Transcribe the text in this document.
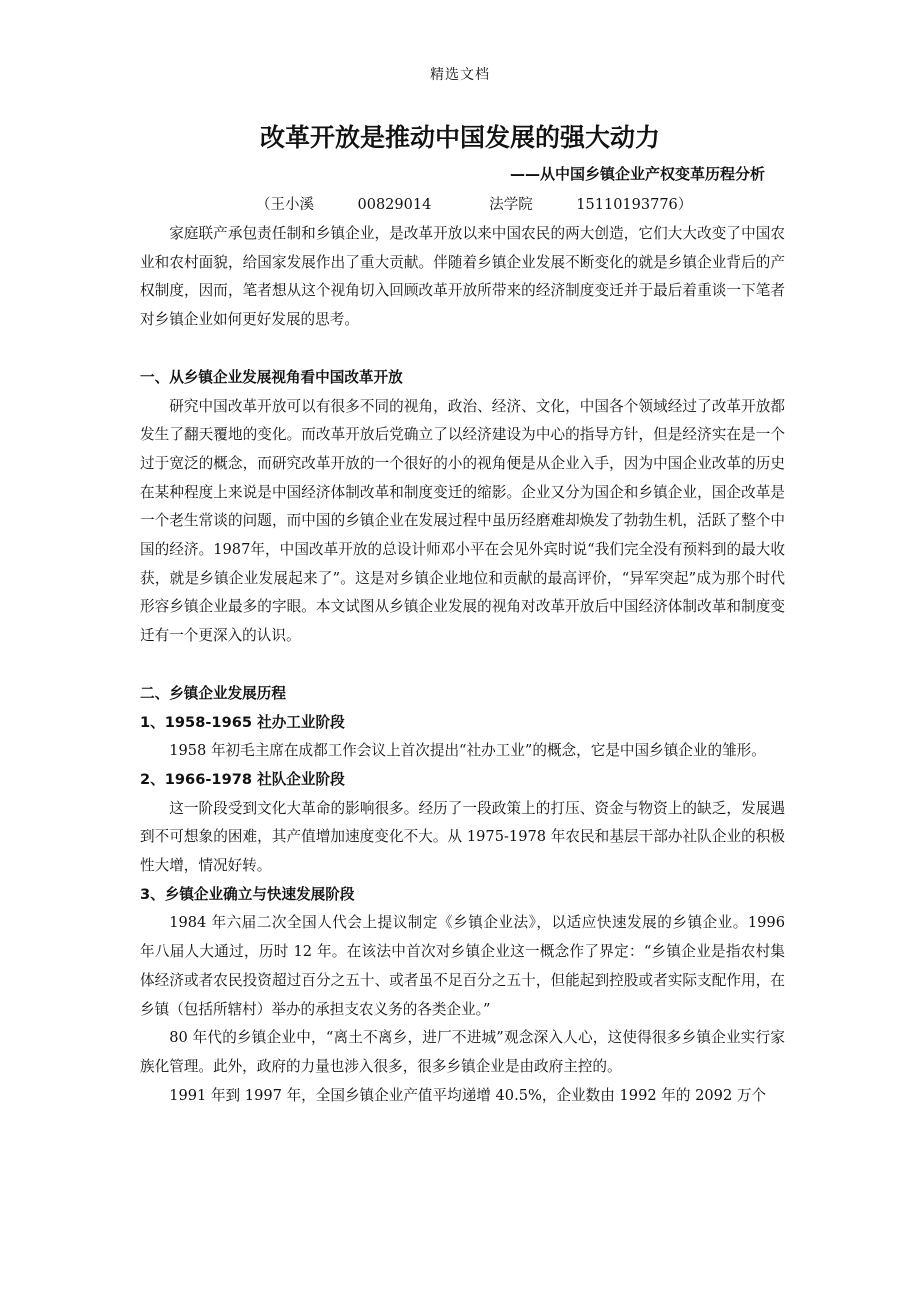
精选文档
改革开放是推动中国发展的强大动力
——从中国乡镇企业产权变革历程分析
（王小溪　　　00829014　　　　法学院　　　15110193776）

家庭联产承包责任制和乡镇企业，是改革开放以来中国农民的两大创造，它们大大改变了中国农业和农村面貌，给国家发展作出了重大贡献。伴随着乡镇企业发展不断变化的就是乡镇企业背后的产权制度，因而，笔者想从这个视角切入回顾改革开放所带来的经济制度变迁并于最后着重谈一下笔者对乡镇企业如何更好发展的思考。

一、从乡镇企业发展视角看中国改革开放

研究中国改革开放可以有很多不同的视角，政治、经济、文化，中国各个领域经过了改革开放都发生了翻天覆地的变化。而改革开放后党确立了以经济建设为中心的指导方针，但是经济实在是一个过于宽泛的概念，而研究改革开放的一个很好的小的视角便是从企业入手，因为中国企业改革的历史在某种程度上来说是中国经济体制改革和制度变迁的缩影。企业又分为国企和乡镇企业，国企改革是一个老生常谈的问题，而中国的乡镇企业在发展过程中虽历经磨难却焕发了勃勃生机，活跃了整个中国的经济。1987年，中国改革开放的总设计师邓小平在会见外宾时说“我们完全没有预料到的最大收获，就是乡镇企业发展起来了”。这是对乡镇企业地位和贡献的最高评价，“异军突起”成为那个时代形容乡镇企业最多的字眼。本文试图从乡镇企业发展的视角对改革开放后中国经济体制改革和制度变迁有一个更深入的认识。

二、乡镇企业发展历程
1、1958-1965 社办工业阶段

1958 年初毛主席在成都工作会议上首次提出“社办工业”的概念，它是中国乡镇企业的雏形。

2、1966-1978 社队企业阶段

这一阶段受到文化大革命的影响很多。经历了一段政策上的打压、资金与物资上的缺乏，发展遇到不可想象的困难，其产值增加速度变化不大。从 1975-1978 年农民和基层干部办社队企业的积极性大增，情况好转。

3、乡镇企业确立与快速发展阶段

1984 年六届二次全国人代会上提议制定《乡镇企业法》，以适应快速发展的乡镇企业。1996 年八届人大通过，历时 12 年。在该法中首次对乡镇企业这一概念作了界定：“乡镇企业是指农村集体经济或者农民投资超过百分之五十、或者虽不足百分之五十，但能起到控股或者实际支配作用，在乡镇（包括所辖村）举办的承担支农义务的各类企业。”

80 年代的乡镇企业中，“离土不离乡，进厂不进城”观念深入人心，这使得很多乡镇企业实行家族化管理。此外，政府的力量也涉入很多，很多乡镇企业是由政府主控的。

1991 年到 1997 年，全国乡镇企业产值平均递增 40.5%，企业数由 1992 年的 2092 万个
